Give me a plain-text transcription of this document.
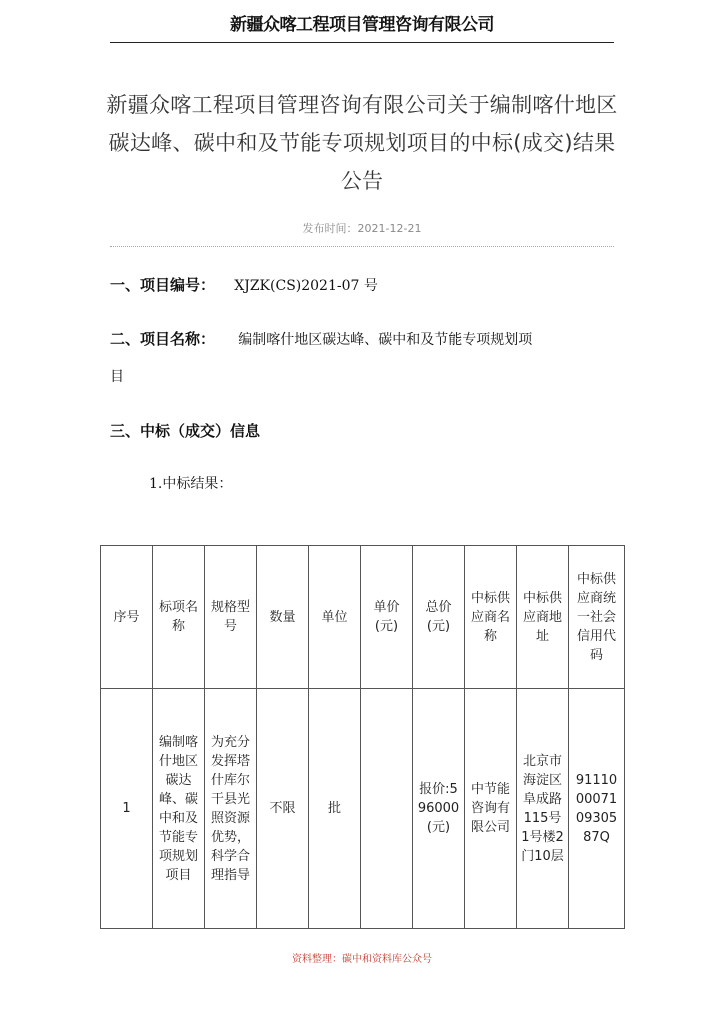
新疆众喀工程项目管理咨询有限公司
新疆众喀工程项目管理咨询有限公司关于编制喀什地区碳达峰、碳中和及节能专项规划项目的中标(成交)结果公告
发布时间：2021-12-21
一、项目编号： XJZK(CS)2021-07 号
二、项目名称： 编制喀什地区碳达峰、碳中和及节能专项规划项
目
三、中标（成交）信息
1.中标结果：
序号	标项名称	规格型号	数量	单位	单价(元)	总价(元)	中标供应商名称	中标供应商地址	中标供应商统一社会信用代码
1	编制喀什地区碳达峰、碳中和及节能专项规划项目	为充分发挥塔什库尔干县光照资源优势，科学合理指导	不限	批		报价:596000(元)	中节能咨询有限公司	北京市海淀区阜成路115号1号楼2门10层	91110000710930587Q
资料整理：碳中和资料库公众号
